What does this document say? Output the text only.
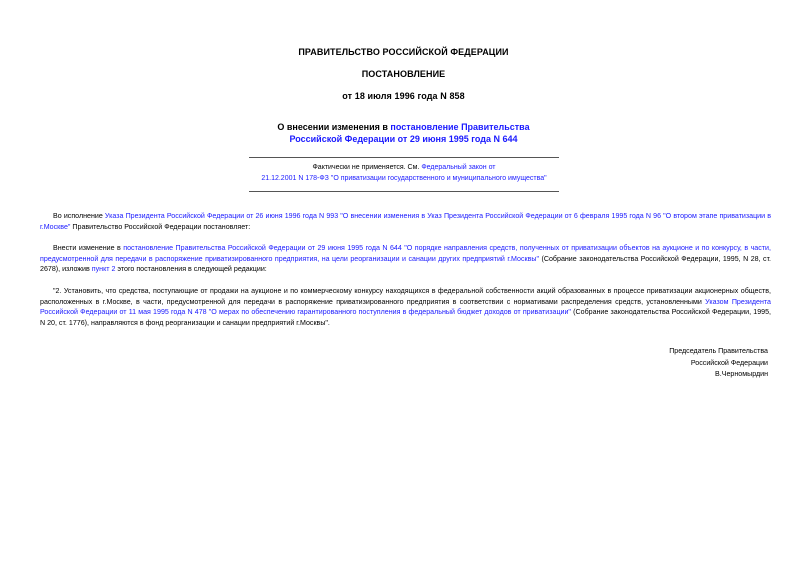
ПРАВИТЕЛЬСТВО РОССИЙСКОЙ ФЕДЕРАЦИИ
ПОСТАНОВЛЕНИЕ
от 18 июля 1996 года N 858
О внесении изменения в постановление Правительства
Российской Федерации от 29 июня 1995 года N 644
Фактически не применяется. См. Федеральный закон от
21.12.2001 N 178-ФЗ "О приватизации государственного и муниципального имущества"
Во исполнение Указа Президента Российской Федерации от 26 июня 1996 года N 993 "О внесении изменения в Указ Президента Российской Федерации от 6 февраля 1995 года N 96 "О втором этапе приватизации в г.Москве" Правительство Российской Федерации постановляет:
Внести изменение в постановление Правительства Российской Федерации от 29 июня 1995 года N 644 "О порядке направления средств, полученных от приватизации объектов на аукционе и по конкурсу, в части, предусмотренной для передачи в распоряжение приватизированного предприятия, на цели реорганизации и санации других предприятий г.Москвы" (Собрание законодательства Российской Федерации, 1995, N 28, ст. 2678), изложив пункт 2 этого постановления в следующей редакции:
"2. Установить, что средства, поступающие от продажи на аукционе и по коммерческому конкурсу находящихся в федеральной собственности акций образованных в процессе приватизации акционерных обществ, расположенных в г.Москве, в части, предусмотренной для передачи в распоряжение приватизированного предприятия в соответствии с нормативами распределения средств, установленными Указом Президента Российской Федерации от 11 мая 1995 года N 478 "О мерах по обеспечению гарантированного поступления в федеральный бюджет доходов от приватизации" (Собрание законодательства Российской Федерации, 1995, N 20, ст. 1776), направляются в фонд реорганизации и санации предприятий г.Москвы".
Председатель Правительства
Российской Федерации
В.Черномырдин
